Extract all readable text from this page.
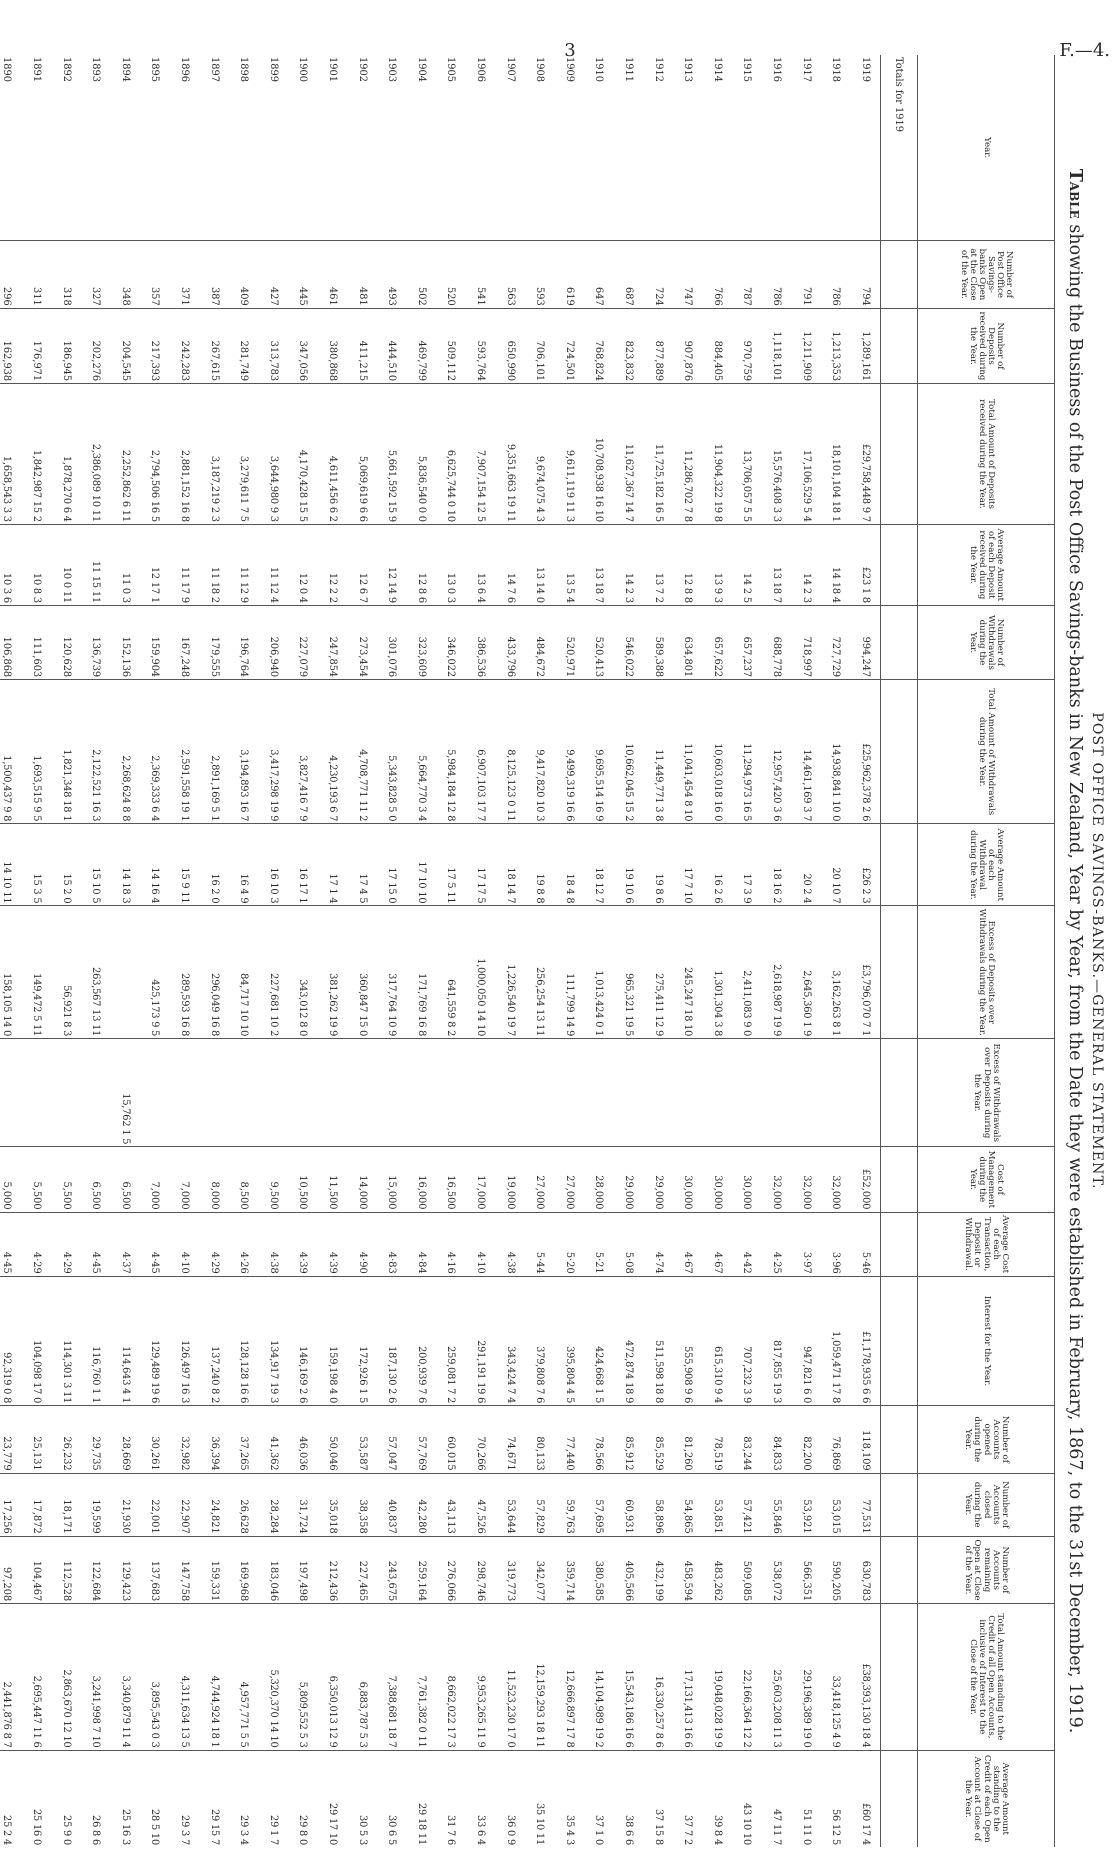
3	F.—4.
POST OFFICE SAVINGS-BANKS.—GENERAL STATEMENT.
Table showing the Business of the Post Office Savings-banks in New Zealand, Year by Year, from the Date they were established in February, 1867, to the 31st December, 1919.
Year.	Number of Post Office Savings-banks Open at the Close of the Year.	Number of Deposits received during the Year.	Total Amount of Deposits received during the Year.	Average Amount of each Deposit received during the Year.	Number of Withdrawals during the Year.	Total Amount of Withdrawals during the Year.	Average Amount of each Withdrawal during the Year.	Excess of Deposits over Withdrawals during the Year.	Excess of Withdrawals over Deposits during the Year.	Cost of Management during the Year.	Average Cost of each Transaction, Deposit or Withdrawal.	Interest for the Year.	Number of Accounts opened during the Year.	Number of Accounts closed during the Year.	Number of Accounts remaining Open at Close of the Year.	Total Amount standing to the Credit of all Open Accounts, inclusive of Interest to the Close of the Year.	Average Amount standing to the Credit of each Open Account at Close of the Year.
Totals for 1919																	
1919	794	1,289,161	£29,758,448 9 7	£23 1 8	994,247	£25,962,378 2 6	£26 2 3	£3,796,070 7 1		£52,000	5·46	£1,178,935 6 6	118,109	77,531	630,783	£38,393,130 18 4	£60 17 4
1918	786	1,213,353	18,101,104 18 1	14 18 4	727,729	14,938,841 10 0	20 10 7	3,162,263 8 1		32,000	3·96	1,059,471 17 8	76,869	53,015	590,205	33,418,125 4 9	56 12 5
1917	791	1,211,909	17,106,529 5 4	14 2 3	718,997	14,461,169 3 7	20 2 4	2,645,360 1 9		32,000	3·97	947,821 6 0	82,200	53,921	566,351	29,196,389 19 0	51 11 0
1916	786	1,118,101	15,576,408 3 3	13 18 7	688,778	12,957,420 3 6	18 16 2	2,618,987 19 9		32,000	4·25	817,855 19 3	84,833	55,846	538,072	25,603,208 11 3	47 11 7
1915	787	970,759	13,706,057 5 5	14 2 5	657,237	11,294,973 16 5	17 3 9	2,411,083 9 0		30,000	4·42	707,232 3 9	83,244	57,421	509,085	22,166,364 12 2	43 10 10
1914	766	884,405	11,904,322 19 8	13 9 3	657,622	10,603,018 16 0	16 2 6	1,301,304 3 8		30,000	4·67	615,310 9 4	78,519	53,851	483,262	19,048,028 19 9	39 8 4
1913	747	907,876	11,286,702 7 8	12 8 8	634,801	11,041,454 8 10	17 7 10	245,247 18 10		30,000	4·67	555,908 9 6	81,260	54,865	458,594	17,131,413 16 6	37 7 2
1912	724	877,889	11,725,182 16 5	13 7 2	589,388	11,449,771 3 8	19 8 6	275,411 12 9		29,000	4·74	511,598 18 8	85,529	58,896	432,199	16,330,257 8 6	37 15 8
1911	687	823,832	11,627,367 14 7	14 2 3	546,022	10,662,045 15 2	19 10 6	965,321 19 5		29,000	5·08	472,874 18 9	85,912	60,931	405,566	15,543,186 16 6	38 6 6
1910	647	768,824	10,708,938 16 10	13 18 7	520,413	9,695,514 16 9	18 12 7	1,013,424 0 1		28,000	5·21	424,668 1 5	78,566	57,695	380,585	14,104,989 19 2	37 1 0
1909	619	724,501	9,611,119 11 3	13 5 4	520,971	9,499,319 16 6	18 4 8	111,799 14 9		27,000	5·20	395,804 4 5	77,440	59,763	359,714	12,666,897 17 8	35 4 3
1908	593	706,101	9,674,075 4 3	13 14 0	484,672	9,417,820 10 3	19 8 8	256,254 13 11		27,000	5·44	379,808 7 6	80,133	57,829	342,077	12,159,293 18 11	35 10 11
1907	563	650,990	9,351,663 19 11	14 7 6	433,796	8,125,123 0 11	18 14 7	1,226,540 19 7		19,000	4·38	343,424 7 4	74,671	53,644	319,773	11,523,230 17 0	36 0 9
1906	541	593,764	7,907,154 12 5	13 6 4	386,536	6,907,103 17 7	17 17 5	1,000,050 14 10		17,000	4·10	291,191 19 6	70,266	47,526	298,746	9,953,265 11 9	33 6 4
1905	520	509,112	6,625,744 0 10	13 0 3	346,022	5,984,184 12 8	17 5 11	641,559 8 2		16,500	4·16	259,081 7 2	60,015	43,113	276,066	8,662,022 17 3	31 7 6
1904	502	469,799	5,836,540 0 0	12 8 6	323,609	5,664,770 3 4	17 10 10	171,769 16 8		16,000	4·84	200,939 7 6	57,769	42,280	259,164	7,761,382 0 11	29 18 11
1903	493	444,510	5,661,592 15 9	12 14 9	301,076	5,343,828 5 0	17 15 0	317,764 10 9		15,000	4·83	187,130 2 6	57,047	40,837	243,675	7,388,681 18 7	30 6 5
1902	481	411,215	5,069,619 6 6	12 6 7	273,454	4,708,771 11 2	17 4 5	360,847 15 0		14,000	4·90	172,926 1 5	53,587	38,358	227,465	6,883,787 5 3	30 5 3
1901	461	380,868	4,611,456 6 2	12 2 2	247,854	4,230,193 6 7	17 1 4	381,262 19 9		11,500	4·39	159,198 4 0	50,046	35,018	212,436	6,350,013 12 9	29 17 10
1900	445	347,056	4,170,428 15 5	12 0 4	227,079	3,827,416 7 9	16 17 1	343,012 8 0		10,500	4·39	146,169 2 6	46,036	31,724	197,498	5,809,552 5 3	29 8 0
1899	427	313,783	3,644,980 9 3	11 12 4	206,940	3,417,298 19 9	16 10 3	227,681 10 2		9,500	4·38	134,917 19 3	41,362	28,284	183,046	5,320,370 14 10	29 1 7
1898	409	281,749	3,279,611 7 5	11 12 9	196,764	3,194,893 16 7	16 4 9	84,717 10 10		8,500	4·26	128,128 16 6	37,265	26,628	169,968	4,957,771 5 5	29 3 4
1897	387	267,615	3,187,219 2 3	11 18 2	179,555	2,891,169 5 1	16 2 0	296,049 16 8		8,000	4·29	137,240 8 2	36,394	24,821	159,331	4,744,924 18 1	29 15 7
1896	371	242,283	2,881,152 16 8	11 17 9	167,248	2,591,558 19 1	15 9 11	289,593 16 8		7,000	4·10	126,497 16 3	32,982	22,907	147,758	4,311,634 13 5	29 3 7
1895	357	217,393	2,794,506 16 5	12 17 1	159,904	2,369,333 6 4	14 16 4	425,173 9 5		7,000	4·45	129,489 19 6	30,261	22,001	137,683	3,895,543 0 3	28 5 10
1894	348	204,545	2,252,862 6 11	11 0 3	152,136	2,268,624 8 8	14 18 3		15,762 1 5	6,500	4·37	114,643 4 1	28,669	21,930	129,423	3,340,879 11 4	25 16 3
1893	327	202,276	2,386,089 10 11	11 15 11	136,739	2,122,521 16 3	15 10 5	263,567 13 11		6,500	4·45	116,760 1 1	29,735	19,599	122,684	3,241,998 7 10	26 8 6
1892	318	186,945	1,878,270 6 4	10 0 11	120,628	1,821,348 18 1	15 2 0	56,921 8 3		5,500	4·29	114,301 3 11	26,232	18,171	112,528	2,863,670 12 10	25 9 0
1891	311	176,971	1,842,987 15 2	10 8 3	111,603	1,693,515 9 5	15 3 5	149,472 5 11		5,500	4·29	104,098 17 0	25,131	17,872	104,467	2,695,447 11 6	25 16 0
1890	296	162,938	1,658,543 3 3	10 3 6	106,868	1,500,437 9 8	14 10 11	158,105 14 0		5,000	4·45	92,319 0 8	23,779	17,256	97,208	2,441,876 8 7	25 2 4
